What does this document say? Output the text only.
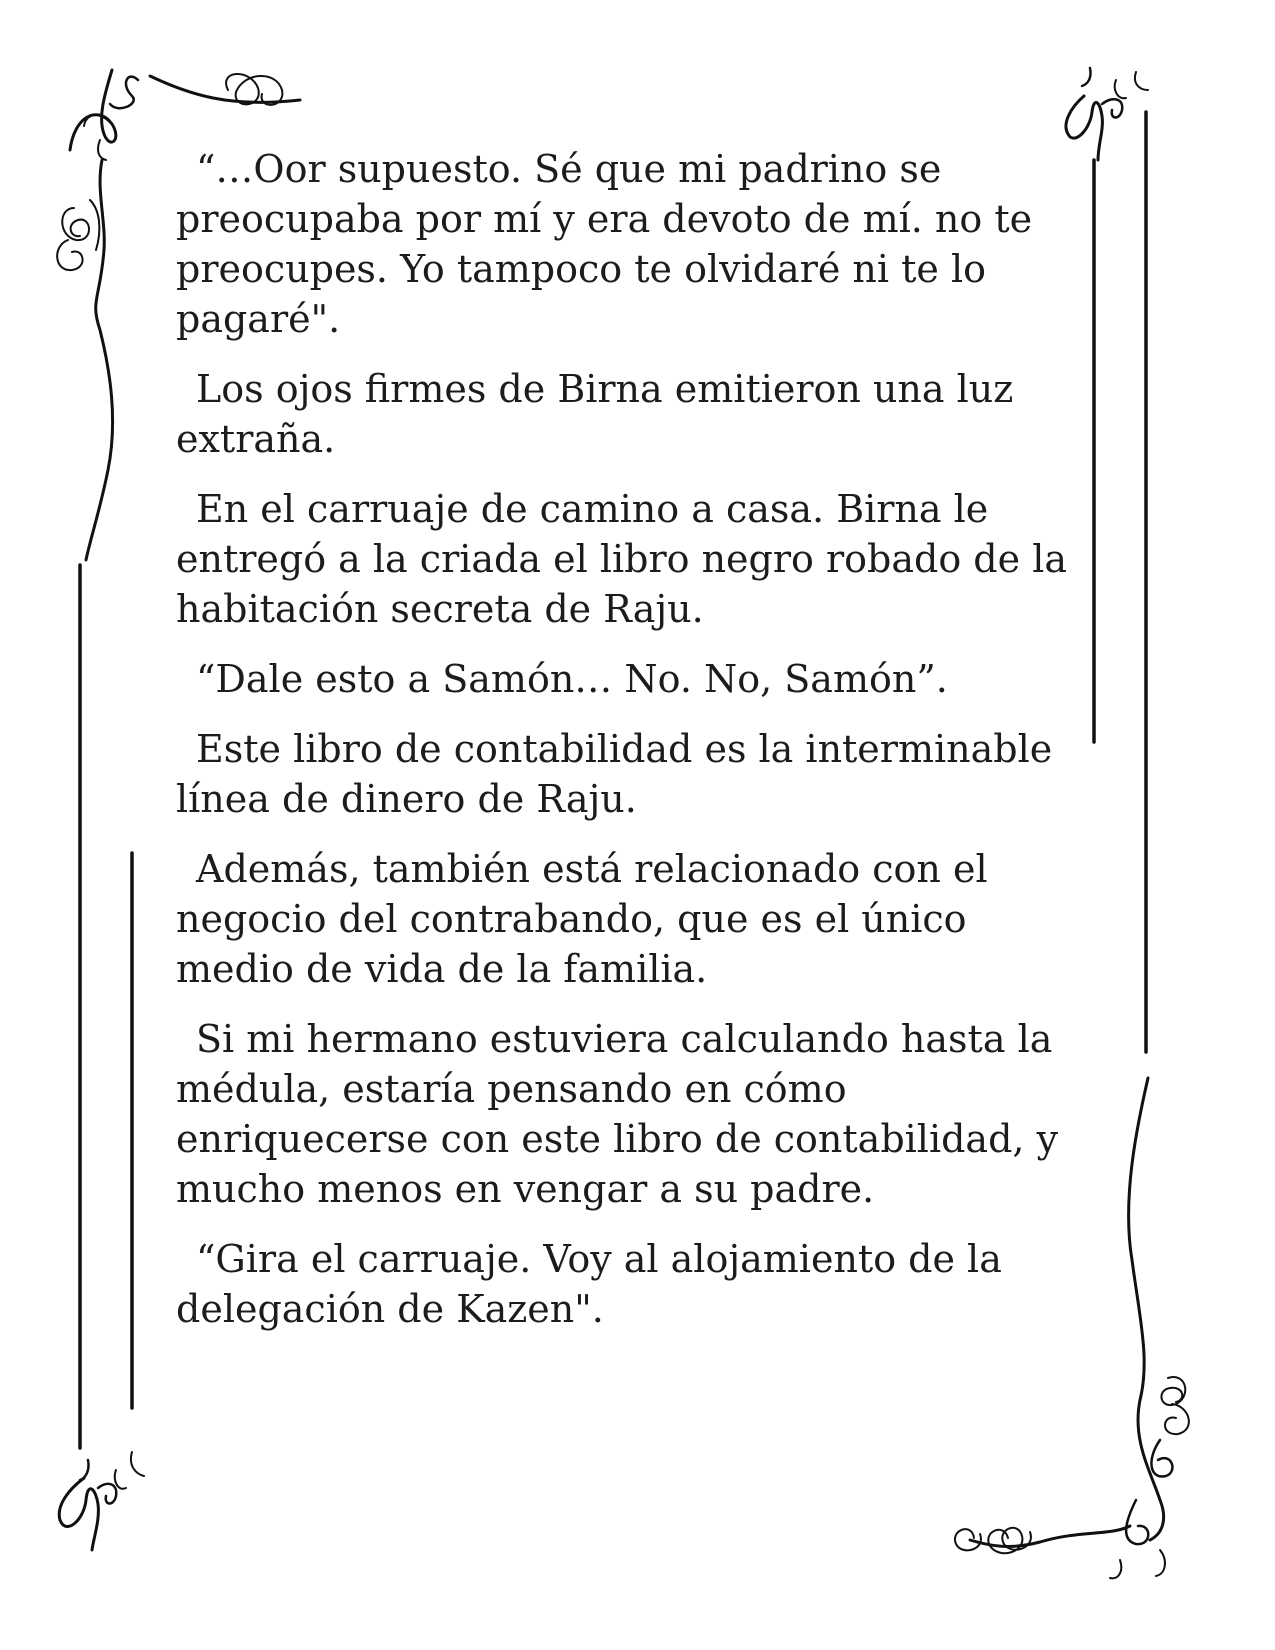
“…Oor supuesto. Sé que mi padrino se preocupaba por mí y era devoto de mí. no te preocupes. Yo tampoco te olvidaré ni te lo pagaré".

Los ojos firmes de Birna emitieron una luz extraña.

En el carruaje de camino a casa. Birna le entregó a la criada el libro negro robado de la habitación secreta de Raju.

“Dale esto a Samón… No. No, Samón”.

Este libro de contabilidad es la interminable línea de dinero de Raju.

Además, también está relacionado con el negocio del contrabando, que es el único medio de vida de la familia.

Si mi hermano estuviera calculando hasta la médula, estaría pensando en cómo enriquecerse con este libro de contabilidad, y mucho menos en vengar a su padre.

“Gira el carruaje. Voy al alojamiento de la delegación de Kazen".
